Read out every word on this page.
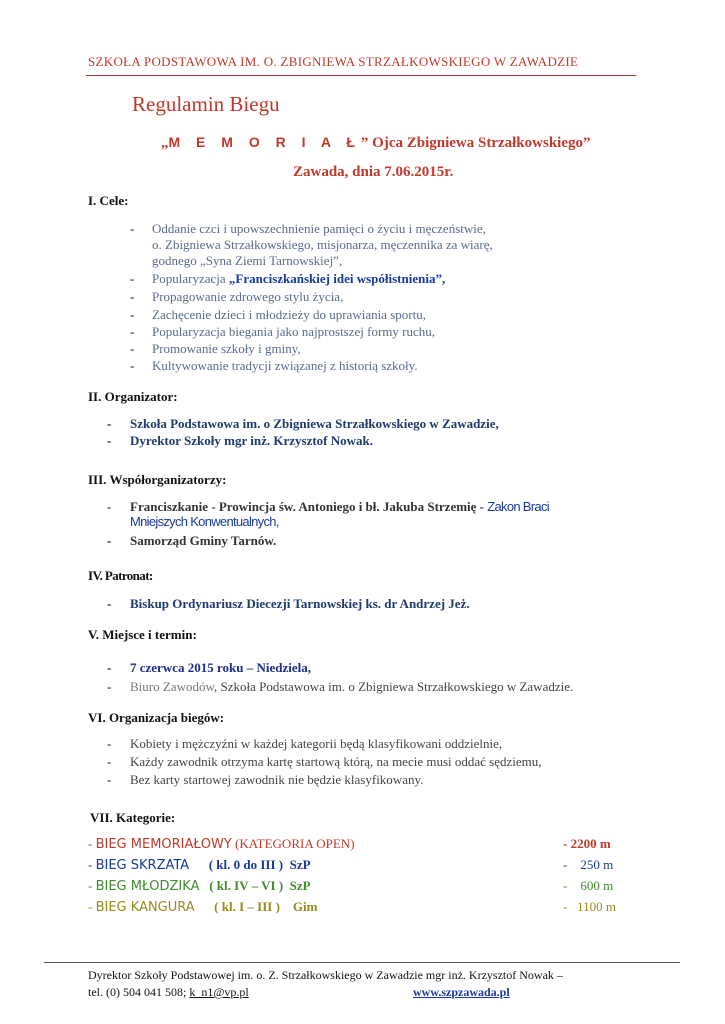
SZKOŁA PODSTAWOWA IM. O. ZBIGNIEWA STRZAŁKOWSKIEGO W ZAWADZIE
Regulamin Biegu
„M E M O R I A Ł” Ojca Zbigniewa Strzałkowskiego”
Zawada, dnia 7.06.2015r.
I. Cele:
- Oddanie czci i upowszechnienie pamięci o życiu i męczeństwie,
o. Zbigniewa Strzałkowskiego, misjonarza, męczennika za wiarę,
godnego „Syna Ziemi Tarnowskiej”,
- Popularyzacja „Franciszkańskiej idei współistnienia”,
- Propagowanie zdrowego stylu życia,
- Zachęcenie dzieci i młodzieży do uprawiania sportu,
- Popularyzacja biegania jako najprostszej formy ruchu,
- Promowanie szkoły i gminy,
- Kultywowanie tradycji związanej z historią szkoły.
II. Organizator:
- Szkoła Podstawowa im. o Zbigniewa Strzałkowskiego w Zawadzie,
- Dyrektor Szkoły mgr inż. Krzysztof Nowak.
III. Współorganizatorzy:
- Franciszkanie - Prowincja św. Antoniego i bł. Jakuba Strzemię - Zakon Braci
Mniejszych Konwentualnych,
- Samorząd Gminy Tarnów.
IV. Patronat:
- Biskup Ordynariusz Diecezji Tarnowskiej ks. dr Andrzej Jeż.
V. Miejsce i termin:
- 7 czerwca 2015 roku – Niedziela,
- Biuro Zawodów, Szkoła Podstawowa im. o Zbigniewa Strzałkowskiego w Zawadzie.
VI. Organizacja biegów:
- Kobiety i mężczyźni w każdej kategorii będą klasyfikowani oddzielnie,
- Każdy zawodnik otrzyma kartę startową którą, na mecie musi oddać sędziemu,
- Bez karty startowej zawodnik nie będzie klasyfikowany.
VII. Kategorie:
- BIEG MEMORIAŁOWY (KATEGORIA OPEN)	- 2200 m
- BIEG SKRZATA      ( kl. 0 do III )  SzP	-    250 m
- BIEG MŁODZIKA   ( kl. IV – VI )  SzP	-    600 m
- BIEG KANGURA      ( kl. I – III )    Gim	-   1100 m
Dyrektor Szkoły Podstawowej im. o. Z. Strzałkowskiego w Zawadzie mgr inż. Krzysztof Nowak –
tel. (0) 504 041 508; k_n1@vp.pl	www.szpzawada.pl
